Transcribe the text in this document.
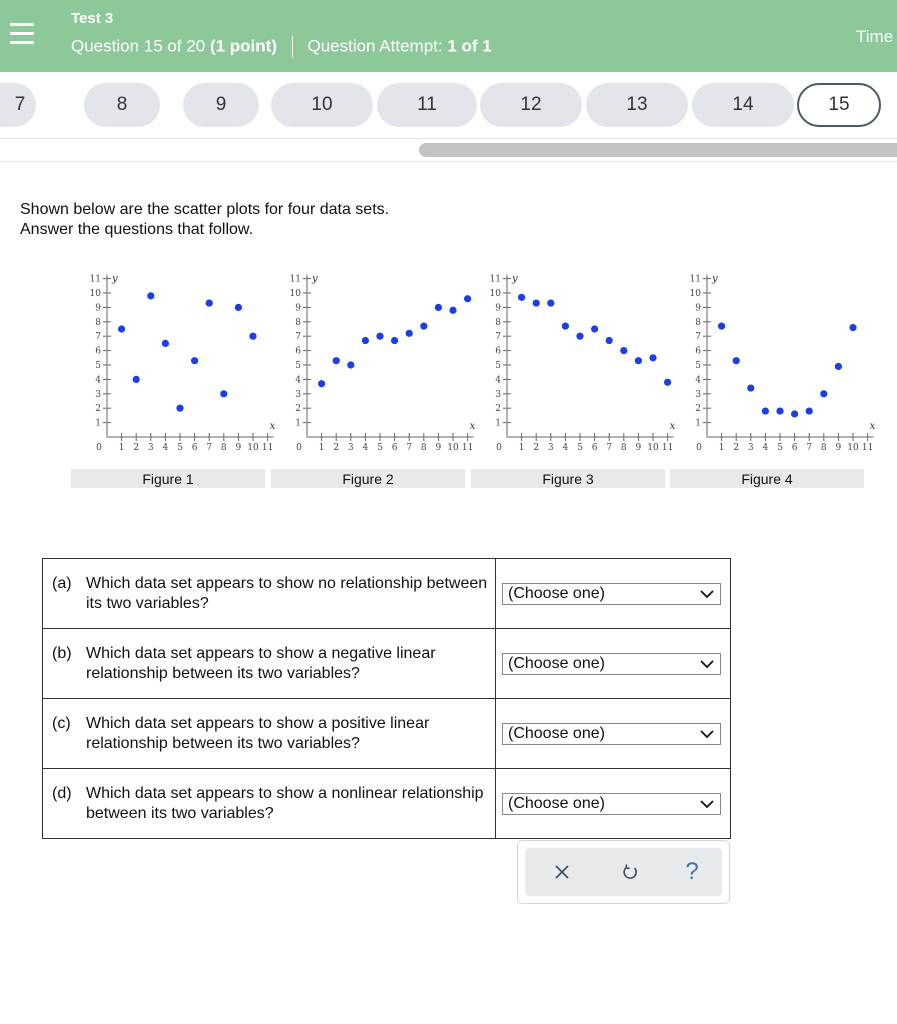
Test 3
Question 15 of 20 (1 point) Question Attempt: 1 of 1	Time
7	8	9	10	11	12	13	14	15
Shown below are the scatter plots for four data sets.
Answer the questions that follow.
0 1 2 3 4 5 6 7 8 9 10 11
1
2
3
4
5
6
7
8
9
10
11
x
y
0 1 2 3 4 5 6 7 8 9 10 11
1
2
3
4
5
6
7
8
9
10
11
x
y
0 1 2 3 4 5 6 7 8 9 10 11
1
2
3
4
5
6
7
8
9
10
11
x
y
0 1 2 3 4 5 6 7 8 9 10 11
1
2
3
4
5
6
7
8
9
10
11
x
y
Figure 1	Figure 2	Figure 3	Figure 4
(a) Which data set appears to show no relationship between its two variables?	(Choose one)

(b) Which data set appears to show a negative linear relationship between its two variables?	(Choose one)

(c) Which data set appears to show a positive linear relationship between its two variables?	(Choose one)

(d) Which data set appears to show a nonlinear relationship between its two variables?	(Choose one)
?
